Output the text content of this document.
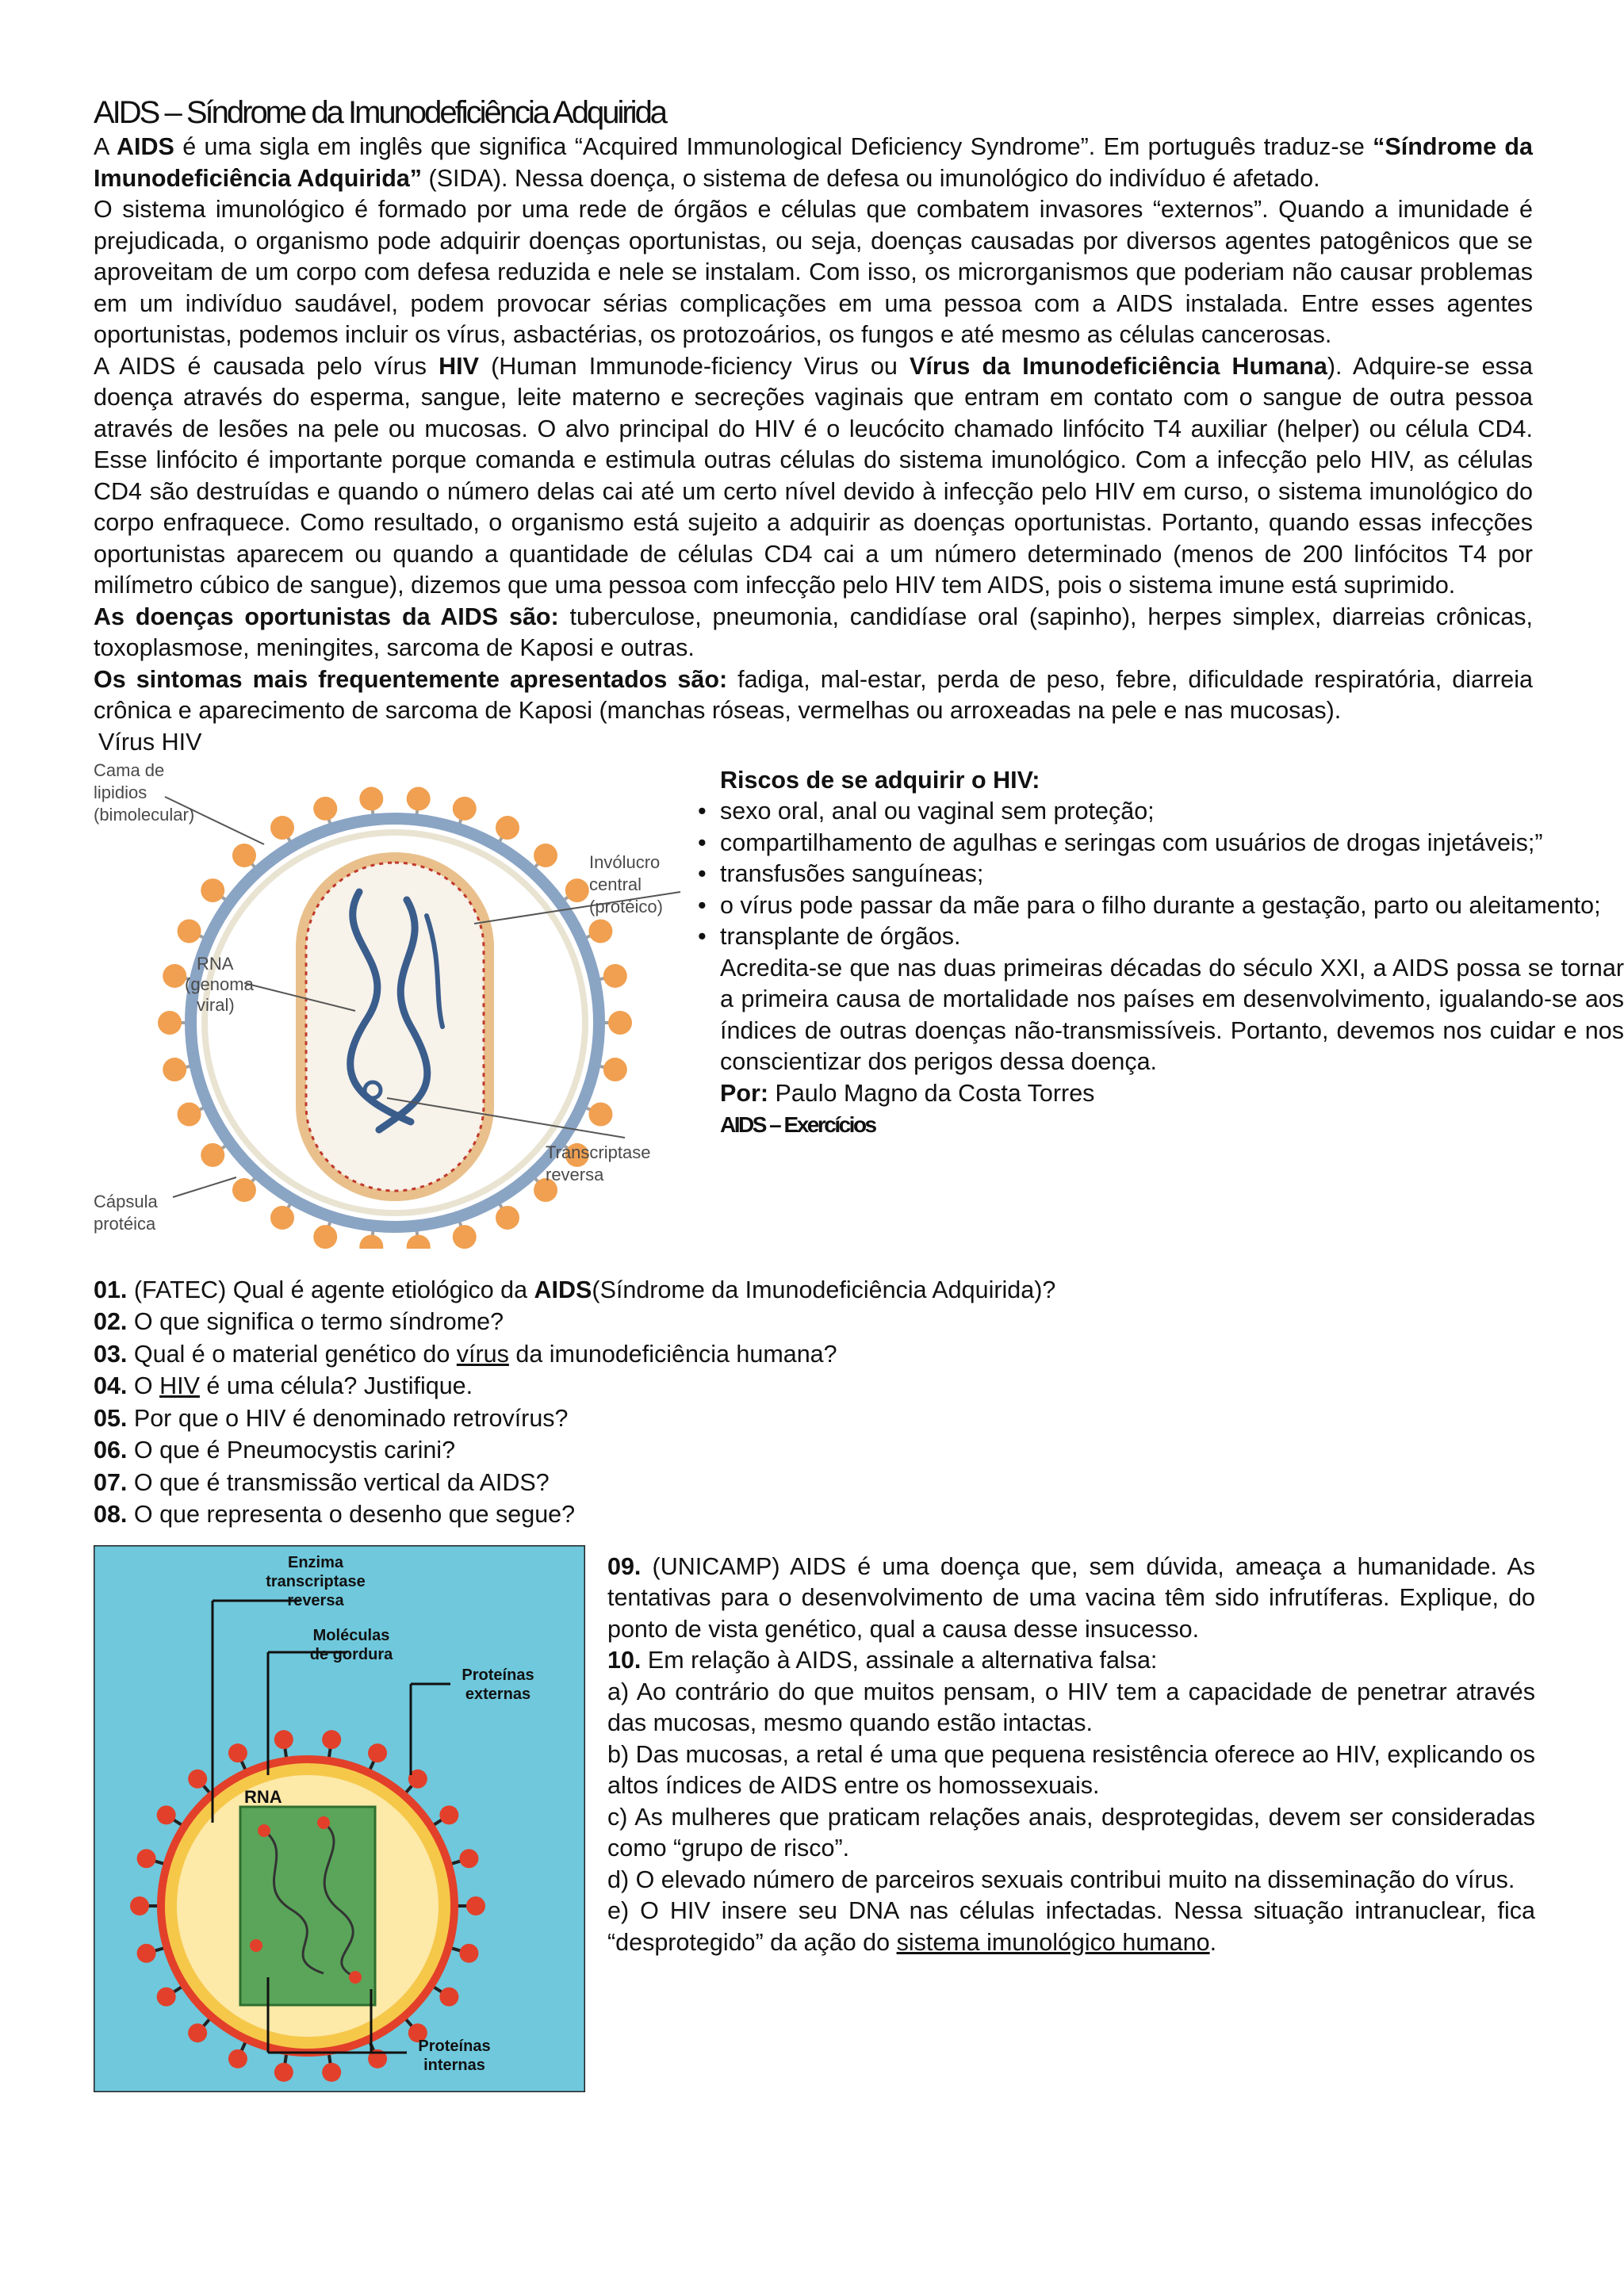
AIDS – Síndrome da Imunodeficiência Adquirida

A AIDS é uma sigla em inglês que significa “Acquired Immunological Deficiency Syndrome”. Em português traduz-se “Síndrome da Imunodeficiência Adquirida” (SIDA). Nessa doença, o sistema de defesa ou imunológico do indivíduo é afetado.

O sistema imunológico é formado por uma rede de órgãos e células que combatem invasores “externos”. Quando a imunidade é prejudicada, o organismo pode adquirir doenças oportunistas, ou seja, doenças causadas por diversos agentes patogênicos que se aproveitam de um corpo com defesa reduzida e nele se instalam. Com isso, os microrganismos que poderiam não causar problemas em um indivíduo saudável, podem provocar sérias complicações em uma pessoa com a AIDS instalada. Entre esses agentes oportunistas, podemos incluir os vírus, asbactérias, os protozoários, os fungos e até mesmo as células cancerosas.

A AIDS é causada pelo vírus HIV (Human Immunode-ficiency Virus ou Vírus da Imunodeficiência Humana). Adquire-se essa doença através do esperma, sangue, leite materno e secreções vaginais que entram em contato com o sangue de outra pessoa através de lesões na pele ou mucosas. O alvo principal do HIV é o leucócito chamado linfócito T4 auxiliar (helper) ou célula CD4. Esse linfócito é importante porque comanda e estimula outras células do sistema imunológico. Com a infecção pelo HIV, as células CD4 são destruídas e quando o número delas cai até um certo nível devido à infecção pelo HIV em curso, o sistema imunológico do corpo enfraquece. Como resultado, o organismo está sujeito a adquirir as doenças oportunistas. Portanto, quando essas infecções oportunistas aparecem ou quando a quantidade de células CD4 cai a um número determinado (menos de 200 linfócitos T4 por milímetro cúbico de sangue), dizemos que uma pessoa com infecção pelo HIV tem AIDS, pois o sistema imune está suprimido.

As doenças oportunistas da AIDS são: tuberculose, pneumonia, candidíase oral (sapinho), herpes simplex, diarreias crônicas, toxoplasmose, meningites, sarcoma de Kaposi e outras.

Os sintomas mais frequentemente apresentados são: fadiga, mal-estar, perda de peso, febre, dificuldade respiratória, diarreia crônica e aparecimento de sarcoma de Kaposi (manchas róseas, vermelhas ou arroxeadas na pele e nas mucosas).

Vírus HIV

Cama de
lipidios
(bimolecular)
Invólucro
central
(protéico)
RNA
(genoma
viral)
Transcriptase
reversa
Cápsula
protéica
Riscos de se adquirir o HIV:
• sexo oral, anal ou vaginal sem proteção;
• compartilhamento de agulhas e seringas com usuários de drogas injetáveis;”
• transfusões sanguíneas;
• o vírus pode passar da mãe para o filho durante a gestação, parto ou aleitamento;
• transplante de órgãos.
Acredita-se que nas duas primeiras décadas do século XXI, a AIDS possa se tornar a primeira causa de mortalidade nos países em desenvolvimento, igualando-se aos índices de outras doenças não-transmissíveis. Portanto, devemos nos cuidar e nos conscientizar dos perigos dessa doença.
Por: Paulo Magno da Costa Torres
AIDS – Exercícios
01. (FATEC) Qual é agente etiológico da AIDS(Síndrome da Imunodeficiência Adquirida)?
02. O que significa o termo síndrome?
03. Qual é o material genético do vírus da imunodeficiência humana?
04. O HIV é uma célula? Justifique.
05. Por que o HIV é denominado retrovírus?
06. O que é Pneumocystis carini?
07. O que é transmissão vertical da AIDS?
08. O que representa o desenho que segue?
Enzima
transcriptase
reversa
Moléculas
de gordura
Proteínas
externas
RNA
Proteínas
internas

09. (UNICAMP) AIDS é uma doença que, sem dúvida, ameaça a humanidade. As tentativas para o desenvolvimento de uma vacina têm sido infrutíferas. Explique, do ponto de vista genético, qual a causa desse insucesso.

10. Em relação à AIDS, assinale a alternativa falsa:

a) Ao contrário do que muitos pensam, o HIV tem a capacidade de penetrar através das mucosas, mesmo quando estão intactas.

b) Das mucosas, a retal é uma que pequena resistência oferece ao HIV, explicando os altos índices de AIDS entre os homossexuais.

c) As mulheres que praticam relações anais, desprotegidas, devem ser consideradas como “grupo de risco”.

d) O elevado número de parceiros sexuais contribui muito na disseminação do vírus.

e) O HIV insere seu DNA nas células infectadas. Nessa situação intranuclear, fica “desprotegido” da ação do sistema imunológico humano.
